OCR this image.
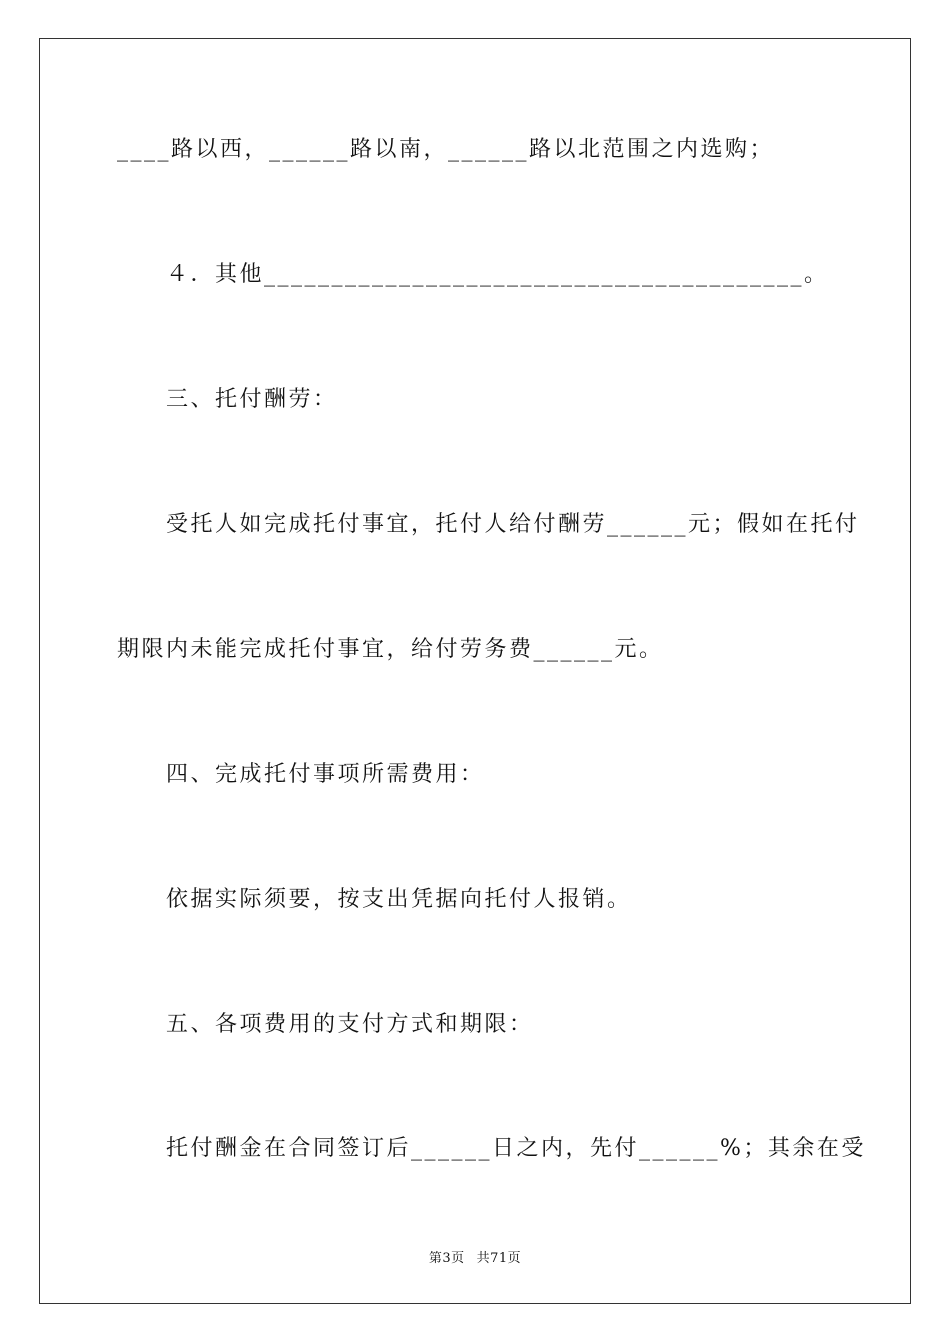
____路以西，______路以南，______路以北范围之内选购；
４．其他________________________________________。
三、托付酬劳：
受托人如完成托付事宜，托付人给付酬劳______元；假如在托付
期限内未能完成托付事宜，给付劳务费______元。
四、完成托付事项所需费用：
依据实际须要，按支出凭据向托付人报销。
五、各项费用的支付方式和期限：
托付酬金在合同签订后______日之内，先付______%；其余在受
第3页 共71页
